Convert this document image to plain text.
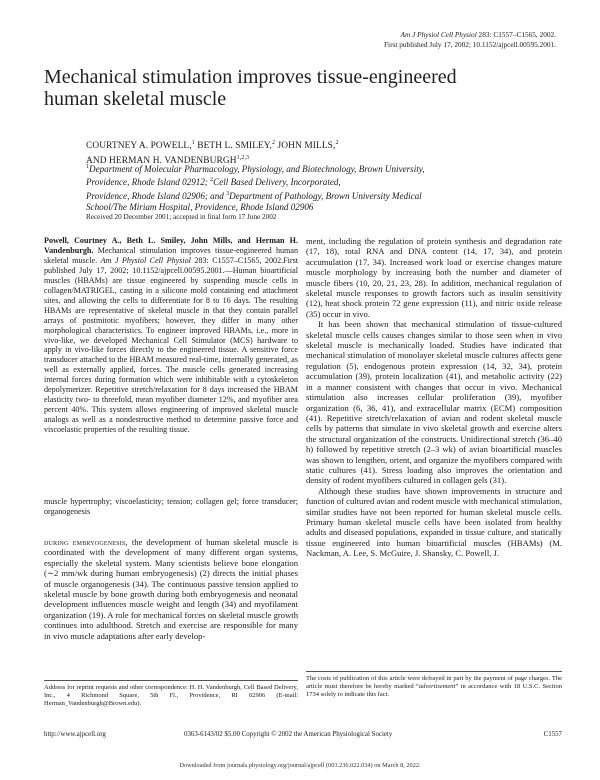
Am J Physiol Cell Physiol 283: C1557–C1565, 2002.
First published July 17, 2002; 10.1152/ajpcell.00595.2001.
Mechanical stimulation improves tissue-engineered
human skeletal muscle
COURTNEY A. POWELL,$^1$ BETH L. SMILEY,$^2$ JOHN MILLS,$^2$
AND HERMAN H. VANDENBURGH$^{1,2,3}$
$^1$Department of Molecular Pharmacology, Physiology, and Biotechnology, Brown University,
Providence, Rhode Island 02912; $^2$Cell Based Delivery, Incorporated,
Providence, Rhode Island 02906; and $^3$Department of Pathology, Brown University Medical
School/The Miriam Hospital, Providence, Rhode Island 02906
Received 20 December 2001; accepted in final form 17 June 2002

Powell, Courtney A., Beth L. Smiley, John Mills, and Herman H. Vandenburgh. Mechanical stimulation improves tissue-engineered human skeletal muscle. Am J Physiol Cell Physiol 283: C1557–C1565, 2002.First published July 17, 2002; 10.1152/ajpcell.00595.2001.—Human bioartificial muscles (HBAMs) are tissue engineered by suspending muscle cells in collagen/MATRIGEL, casting in a silicone mold containing end attachment sites, and allowing the cells to differentiate for 8 to 16 days. The resulting HBAMs are representative of skeletal muscle in that they contain parallel arrays of postmitotic myofibers; however, they differ in many other morphological characteristics. To engineer improved HBAMs, i.e., more in vivo-like, we developed Mechanical Cell Stimulator (MCS) hardware to apply in vivo-like forces directly to the engineered tissue. A sensitive force transducer attached to the HBAM measured real-time, internally generated, as well as externally applied, forces. The muscle cells generated increasing internal forces during formation which were inhibitable with a cytoskeleton depolymerizer. Repetitive stretch/relaxation for 8 days increased the HBAM elasticity two- to threefold, mean myofiber diameter 12%, and myofiber area percent 40%. This system allows engineering of improved skeletal muscle analogs as well as a nondestructive method to determine passive force and viscoelastic properties of the resulting tissue.

muscle hypertrophy; viscoelasticity; tension; collagen gel; force transducer; organogenesis

during embryogenesis, the development of human skeletal muscle is coordinated with the development of many different organ systems, especially the skeletal system. Many scientists believe bone elongation (∼2 mm/wk during human embryogenesis) (2) directs the initial phases of muscle organogenesis (34). The continuous passive tension applied to skeletal muscle by bone growth during both embryogenesis and neonatal development influences muscle weight and length (34) and myofilament organization (19). A role for mechanical forces on skeletal muscle growth continues into adulthood. Stretch and exercise are responsible for many in vivo muscle adaptations after early develop-

ment, including the regulation of protein synthesis and degradation rate (17, 18), total RNA and DNA content (14, 17, 34), and protein accumulation (17, 34). Increased work load or exercise changes mature muscle morphology by increasing both the number and diameter of muscle fibers (10, 20, 21, 23, 28). In addition, mechanical regulation of skeletal muscle responses to growth factors such as insulin sensitivity (12), heat shock protein 72 gene expression (11), and nitric oxide release (35) occur in vivo.

It has been shown that mechanical stimulation of tissue-cultured skeletal muscle cells causes changes similar to those seen when in vivo skeletal muscle is mechanically loaded. Studies have indicated that mechanical stimulation of monolayer skeletal muscle cultures affects gene regulation (5), endogenous protein expression (14, 32, 34), protein accumulation (39), protein localization (41), and metabolic activity (22) in a manner consistent with changes that occur in vivo. Mechanical stimulation also increases cellular proliferation (39), myofiber organization (6, 36, 41), and extracellular matrix (ECM) composition (41). Repetitive stretch/relaxation of avian and rodent skeletal muscle cells by patterns that simulate in vivo skeletal growth and exercise alters the structural organization of the constructs. Unidirectional stretch (36–40 h) followed by repetitive stretch (2–3 wk) of avian bioartificial muscles was shown to lengthen, orient, and organize the myofibers compared with static cultures (41). Stress loading also improves the orientation and density of rodent myofibers cultured in collagen gels (31).

Although these studies have shown improvements in structure and function of cultured avian and rodent muscle with mechanical stimulation, similar studies have not been reported for human skeletal muscle cells. Primary human skeletal muscle cells have been isolated from healthy adults and diseased populations, expanded in tissue culture, and statically tissue engineered into human bioartificial muscles (HBAMs) (M. Nackman, A. Lee, S. McGuire, J. Shansky, C. Powell, J.

Address for reprint requests and other correspondence: H. H. Vandenburgh, Cell Based Delivery, Inc., 4 Richmond Square, 5th Fl., Providence, RI 02906 (E-mail: Herman_Vandenburgh@Brown.edu).
The costs of publication of this article were defrayed in part by the payment of page charges. The article must therefore be hereby marked “advertisement” in accordance with 18 U.S.C. Section 1734 solely to indicate this fact.
http://www.ajpcell.org	0363-6143/02 $5.00 Copyright © 2002 the American Physiological Society	C1557
Downloaded from journals.physiology.org/journal/ajpcell (003.236.022.034) on March 8, 2022.
